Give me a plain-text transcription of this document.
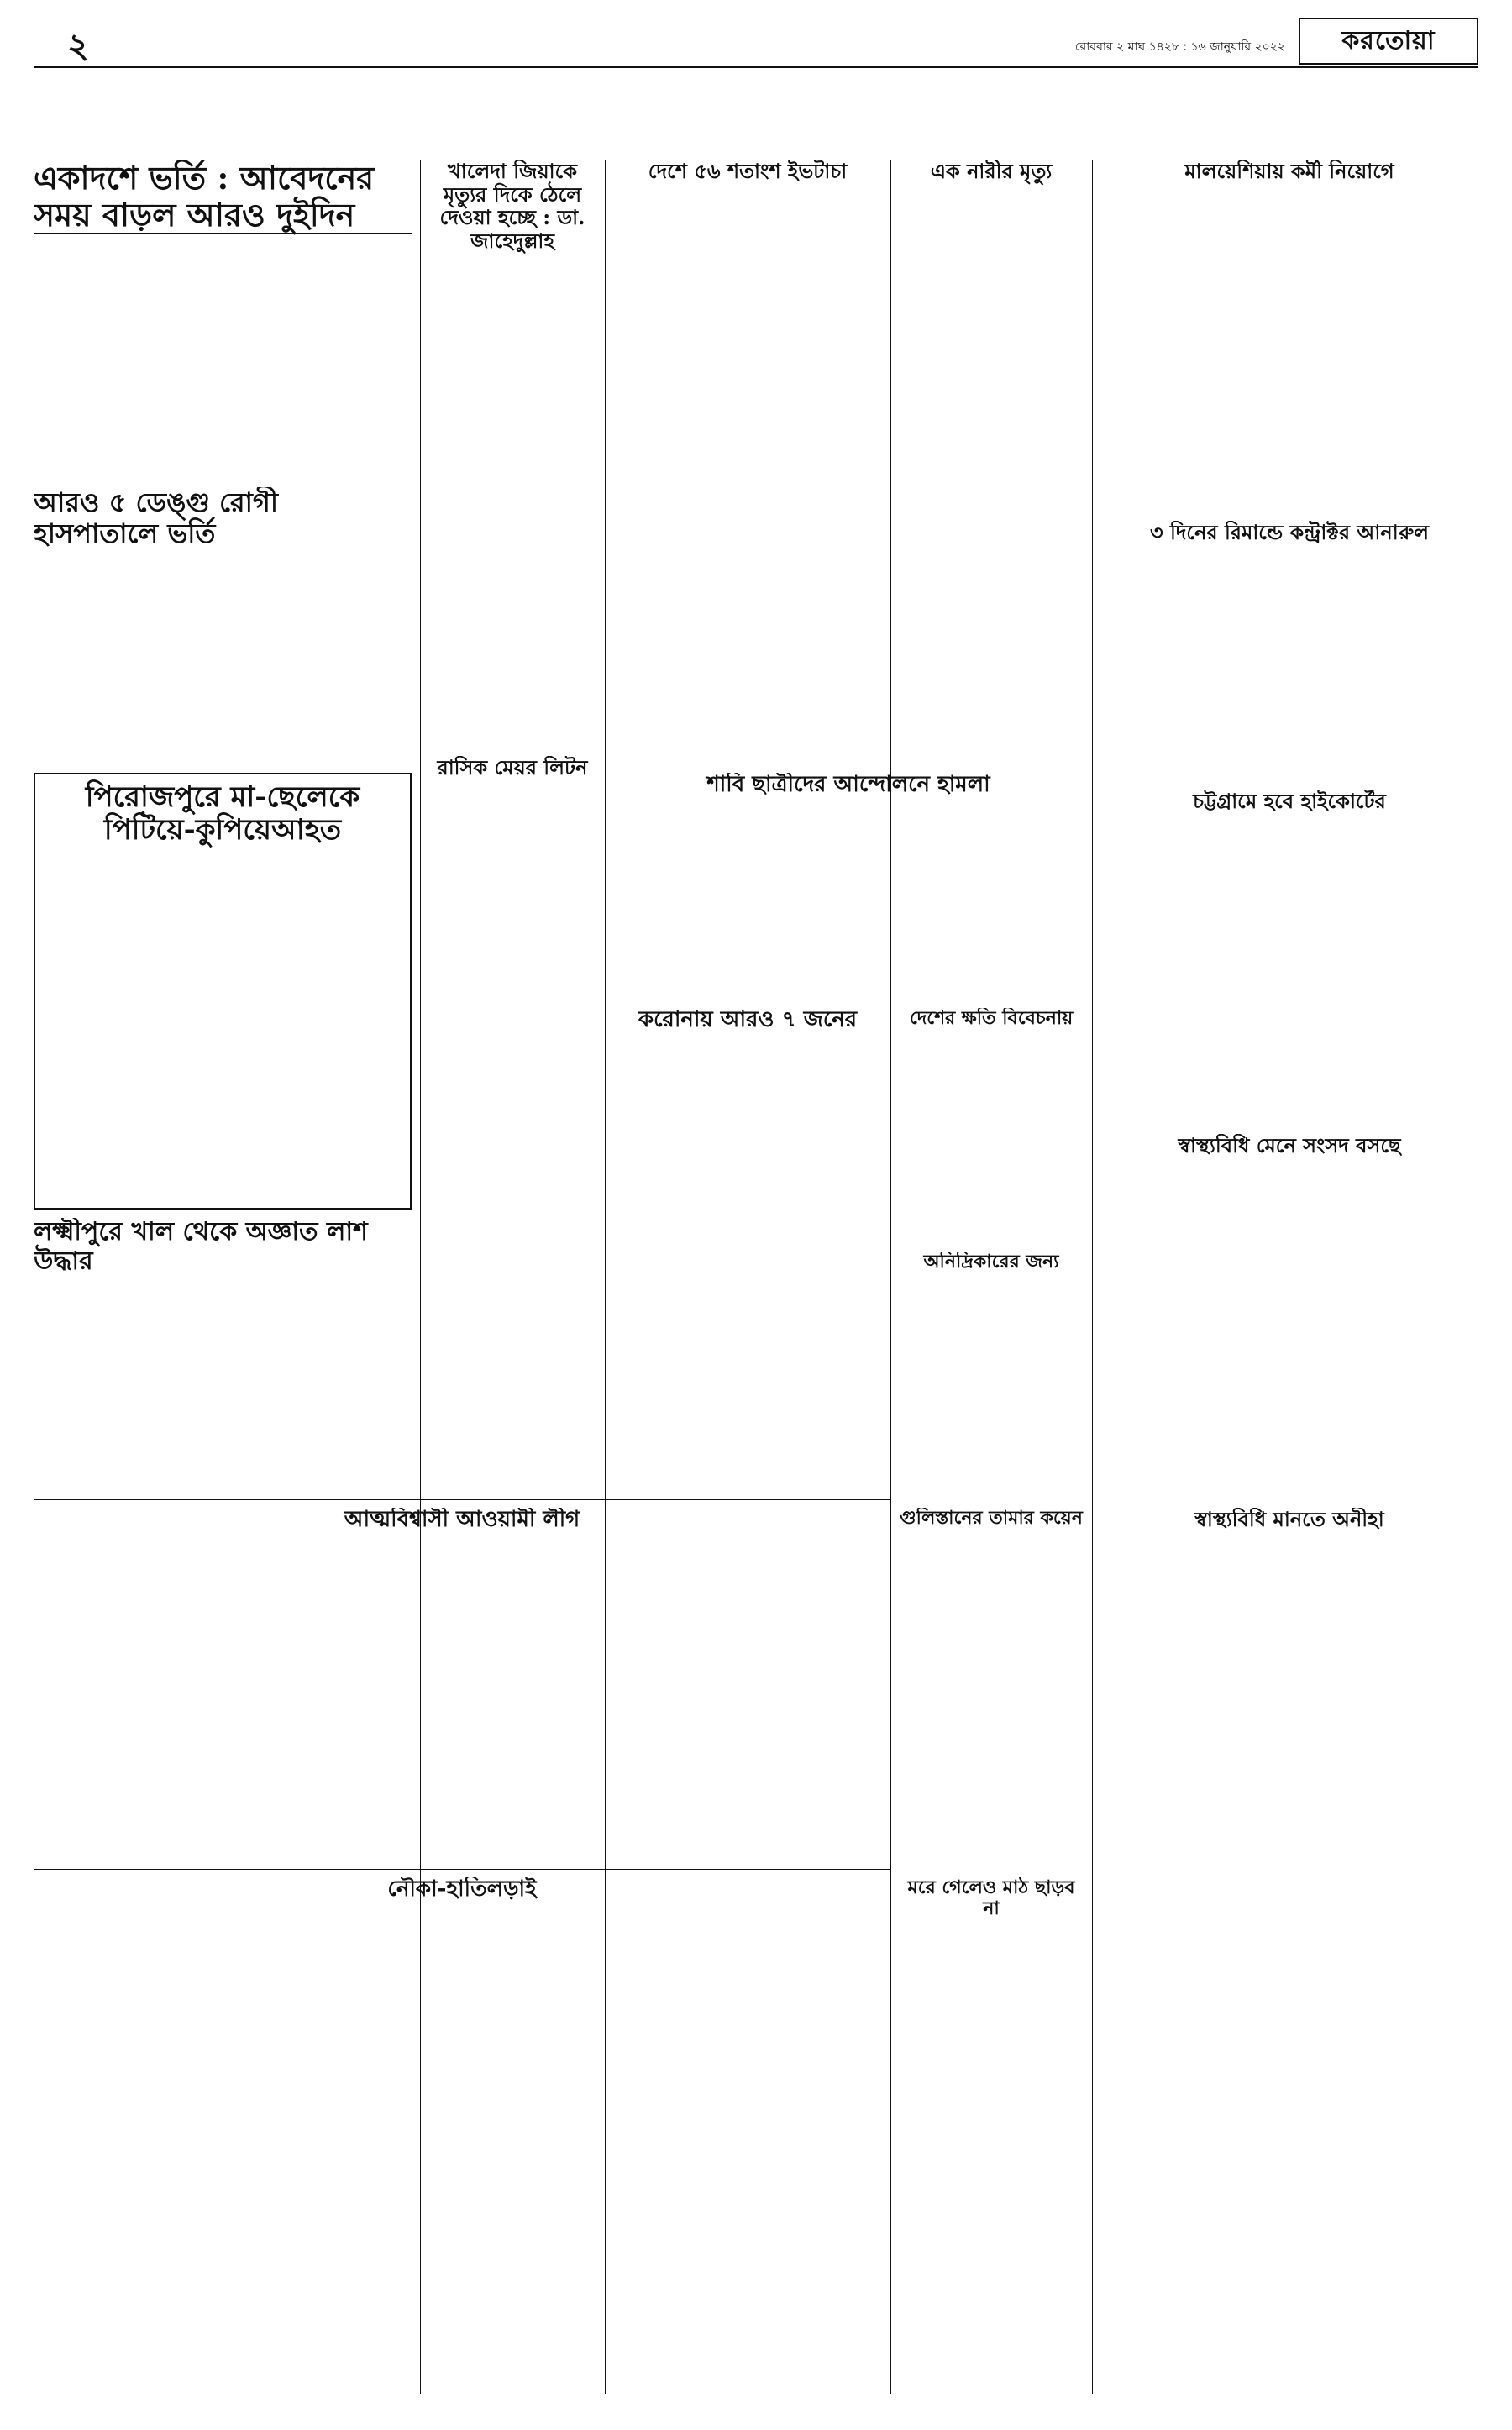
২	রোববার ২ মাঘ ১৪২৮ : ১৬ জানুয়ারি ২০২২	করতোয়া
একাদশে ভর্তি : আবেদনের সময় বাড়ল আরও দুইদিন
আরও ৫ ডেঙ্গু রোগী হাসপাতালে ভর্তি
পিরোজপুরে মা-ছেলেকে পিটিয়ে-কুপিয়েআহত
লক্ষ্মীপুরে খাল থেকে অজ্ঞাত লাশ উদ্ধার
আত্মবিশ্বাসী আওয়ামী লীগ
নৌকা-হাতিলড়াই
খালেদা জিয়াকে মৃত্যুর দিকে ঠেলে দেওয়া হচ্ছে : ডা. জাহেদুল্লাহ
রাসিক মেয়র লিটন
দেশে ৫৬ শতাংশ ইভটাচা
শাবি ছাত্রীদের আন্দোলনে হামলা
করোনায় আরও ৭ জনের
গুলিস্তানের তামার কয়েন
মরে গেলেও মাঠ ছাড়ব না
এক নারীর মৃত্যু
দেশের ক্ষতি বিবেচনায়
অনিদ্রিকারের জন্য
মালয়েশিয়ায় কর্মী নিয়োগে
৩ দিনের রিমান্ডে কন্ট্রাক্টর আনারুল
চট্টগ্রামে হবে হাইকোর্টের
স্বাস্থ্যবিধি মেনে সংসদ বসছে
স্বাস্থ্যবিধি মানতে অনীহা
